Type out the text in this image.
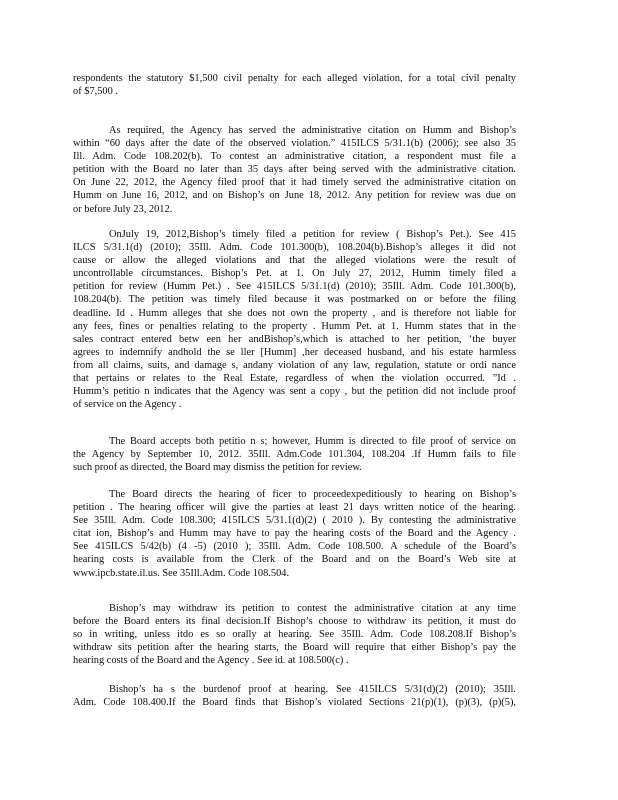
respondents the statutory $1,500 civil penalty for each alleged violation, for a total civil penalty
of $7,500 .
As required, the Agency has served the administrative citation on Humm and Bishop’s
within “60 days after the date of the observed violation.” 415ILCS 5/31.1(b) (2006); see also 35
Ill. Adm. Code 108.202(b). To contest an administrative citation, a respondent must file a
petition with the Board no later than 35 days after being served with the administrative citation.
On June 22, 2012, the Agency filed proof that it had timely served the administrative citation on
Humm on June 16, 2012, and on Bishop’s on June 18, 2012. Any petition for review was due on
or before July 23, 2012.
OnJuly 19, 2012,Bishop’s timely filed a petition for review ( Bishop’s Pet.). See 415
ILCS 5/31.1(d) (2010); 35Ill. Adm. Code 101.300(b), 108.204(b).Bishop’s alleges it did not
cause or allow the alleged violations and that the alleged violations were the result of
uncontrollable circumstances. Bishop’s Pet. at 1. On July 27, 2012, Humm timely filed a
petition for review (Humm Pet.) . See 415ILCS 5/31.1(d) (2010); 35Ill. Adm. Code 101.300(b),
108.204(b). The petition was timely filed because it was postmarked on or before the filing
deadline. Id . Humm alleges that she does not own the property , and is therefore not liable for
any fees, fines or penalties relating to the property . Humm Pet. at 1. Humm states that in the
sales contract entered betw een her andBishop’s,which is attached to her petition, ‘the buyer
agrees to indemnify andhold the se ller [Humm] ,her deceased husband, and his estate harmless
from all claims, suits, and damage s, andany violation of any law, regulation, statute or ordi nance
that pertains or relates to the Real Estate, regardless of when the violation occurred. ”Id .
Humm’s petitio n indicates that the Agency was sent a copy , but the petition did not include proof
of service on the Agency .
The Board accepts both petitio n s; however, Humm is directed to file proof of service on
the Agency by September 10, 2012. 35Ill. Adm.Code 101.304, 108.204 .If Humm fails to file
such proof as directed, the Board may dismiss the petition for review.
The Board directs the hearing of ficer to proceedexpeditiously to hearing on Bishop’s
petition . The hearing officer will give the parties at least 21 days written notice of the hearing.
See 35Ill. Adm. Code 108.300; 415ILCS 5/31.1(d)(2) ( 2010 ). By contesting the administrative
citat ion, Bishop’s and Humm may have to pay the hearing costs of the Board and the Agency .
See 415ILCS 5/42(b) (4 -5) (2010 ); 35Ill. Adm. Code 108.500. A schedule of the Board’s
hearing costs is available from the Clerk of the Board and on the Board’s Web site at
www.ipcb.state.il.us. See 35Ill.Adm. Code 108.504.
Bishop’s may withdraw its petition to contest the administrative citation at any time
before the Board enters its final decision.If Bishop’s choose to withdraw its petition, it must do
so in writing, unless itdo es so orally at hearing. See 35Ill. Adm. Code 108.208.If Bishop’s
withdraw sits petition after the hearing starts, the Board will require that either Bishop’s pay the
hearing costs of the Board and the Agency . See id. at 108.500(c) .
Bishop’s ha s the burdenof proof at hearing. See 415ILCS 5/31(d)(2) (2010); 35Ill.
Adm. Code 108.400.If the Board finds that Bishop’s violated Sections 21(p)(1), (p)(3), (p)(5),
